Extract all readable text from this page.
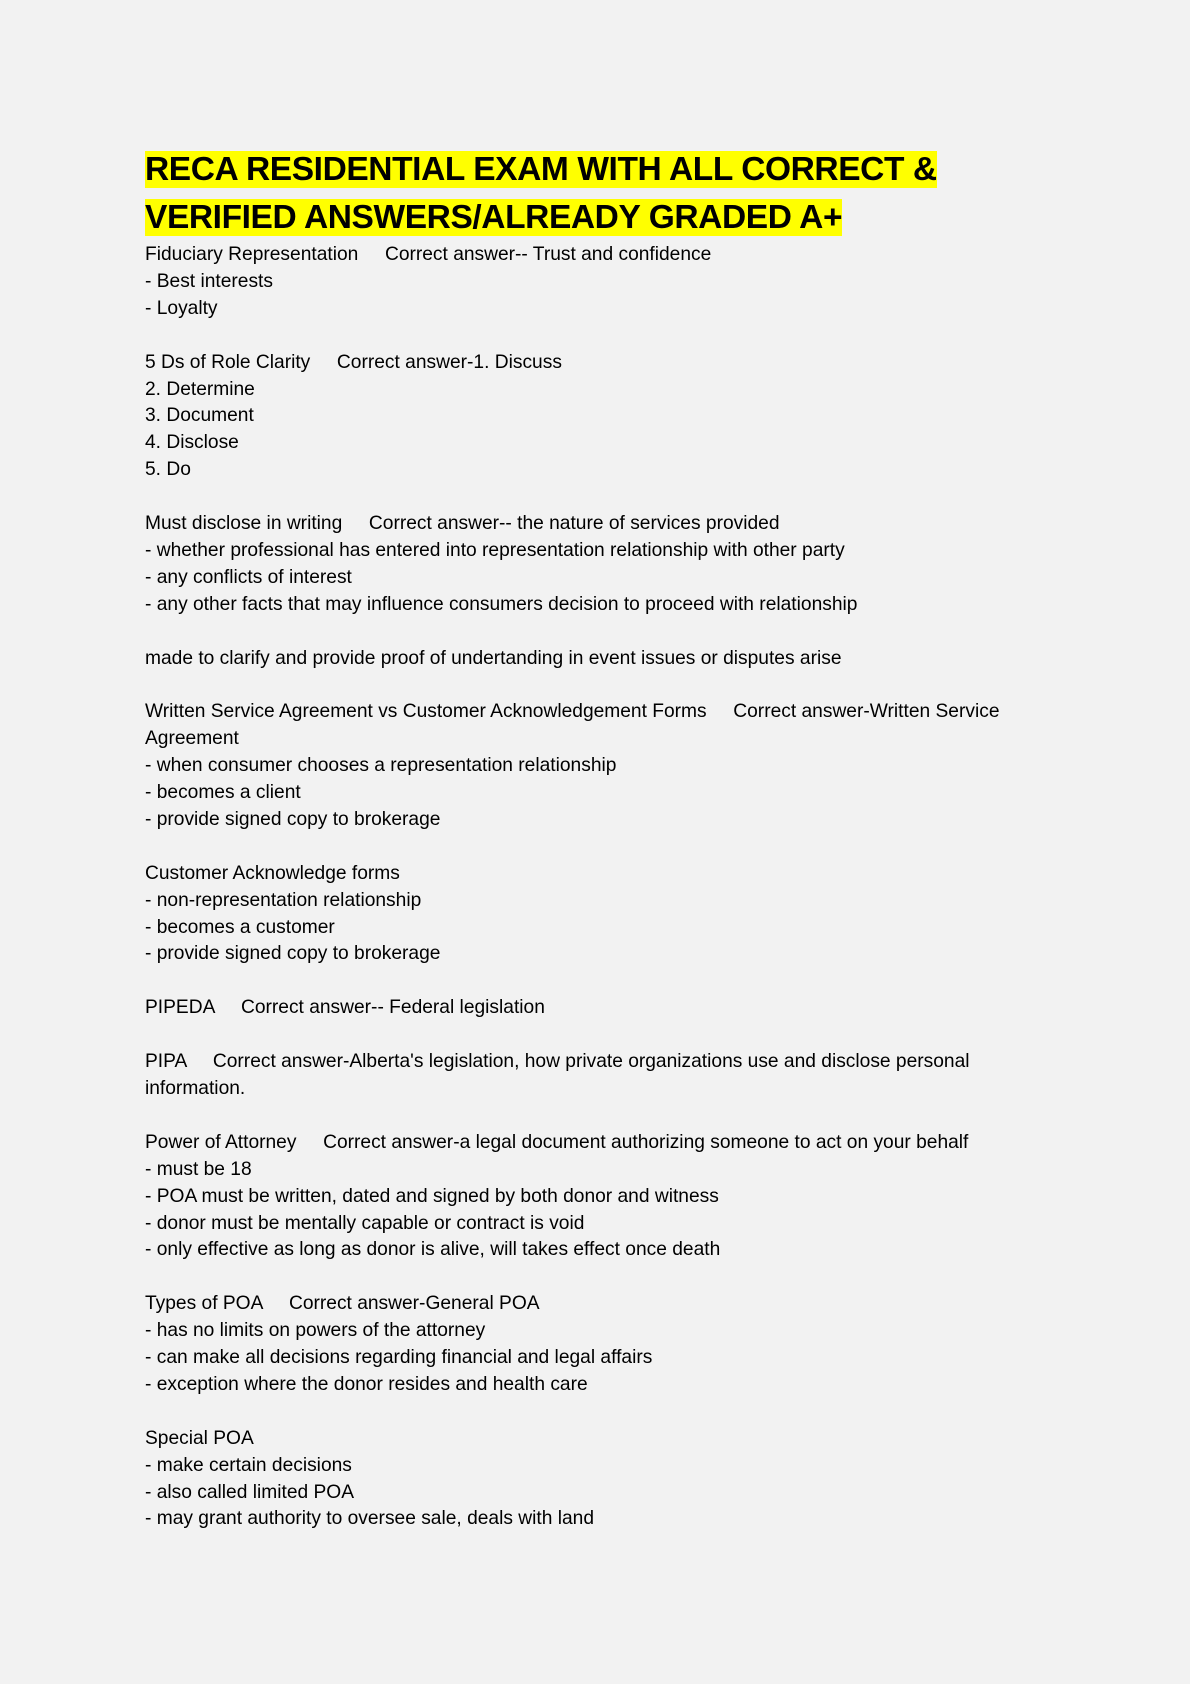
RECA RESIDENTIAL EXAM WITH ALL CORRECT &
VERIFIED ANSWERS/ALREADY GRADED A+
Fiduciary Representation     Correct answer-- Trust and confidence
- Best interests
- Loyalty
5 Ds of Role Clarity     Correct answer-1. Discuss
2. Determine
3. Document
4. Disclose
5. Do
Must disclose in writing     Correct answer-- the nature of services provided
- whether professional has entered into representation relationship with other party
- any conflicts of interest
- any other facts that may influence consumers decision to proceed with relationship
made to clarify and provide proof of undertanding in event issues or disputes arise
Written Service Agreement vs Customer Acknowledgement Forms     Correct answer-Written Service
Agreement
- when consumer chooses a representation relationship
- becomes a client
- provide signed copy to brokerage
Customer Acknowledge forms
- non-representation relationship
- becomes a customer
- provide signed copy to brokerage
PIPEDA     Correct answer-- Federal legislation
PIPA     Correct answer-Alberta's legislation, how private organizations use and disclose personal
information.
Power of Attorney     Correct answer-a legal document authorizing someone to act on your behalf
- must be 18
- POA must be written, dated and signed by both donor and witness
- donor must be mentally capable or contract is void
- only effective as long as donor is alive, will takes effect once death
Types of POA     Correct answer-General POA
- has no limits on powers of the attorney
- can make all decisions regarding financial and legal affairs
- exception where the donor resides and health care
Special POA
- make certain decisions
- also called limited POA
- may grant authority to oversee sale, deals with land
